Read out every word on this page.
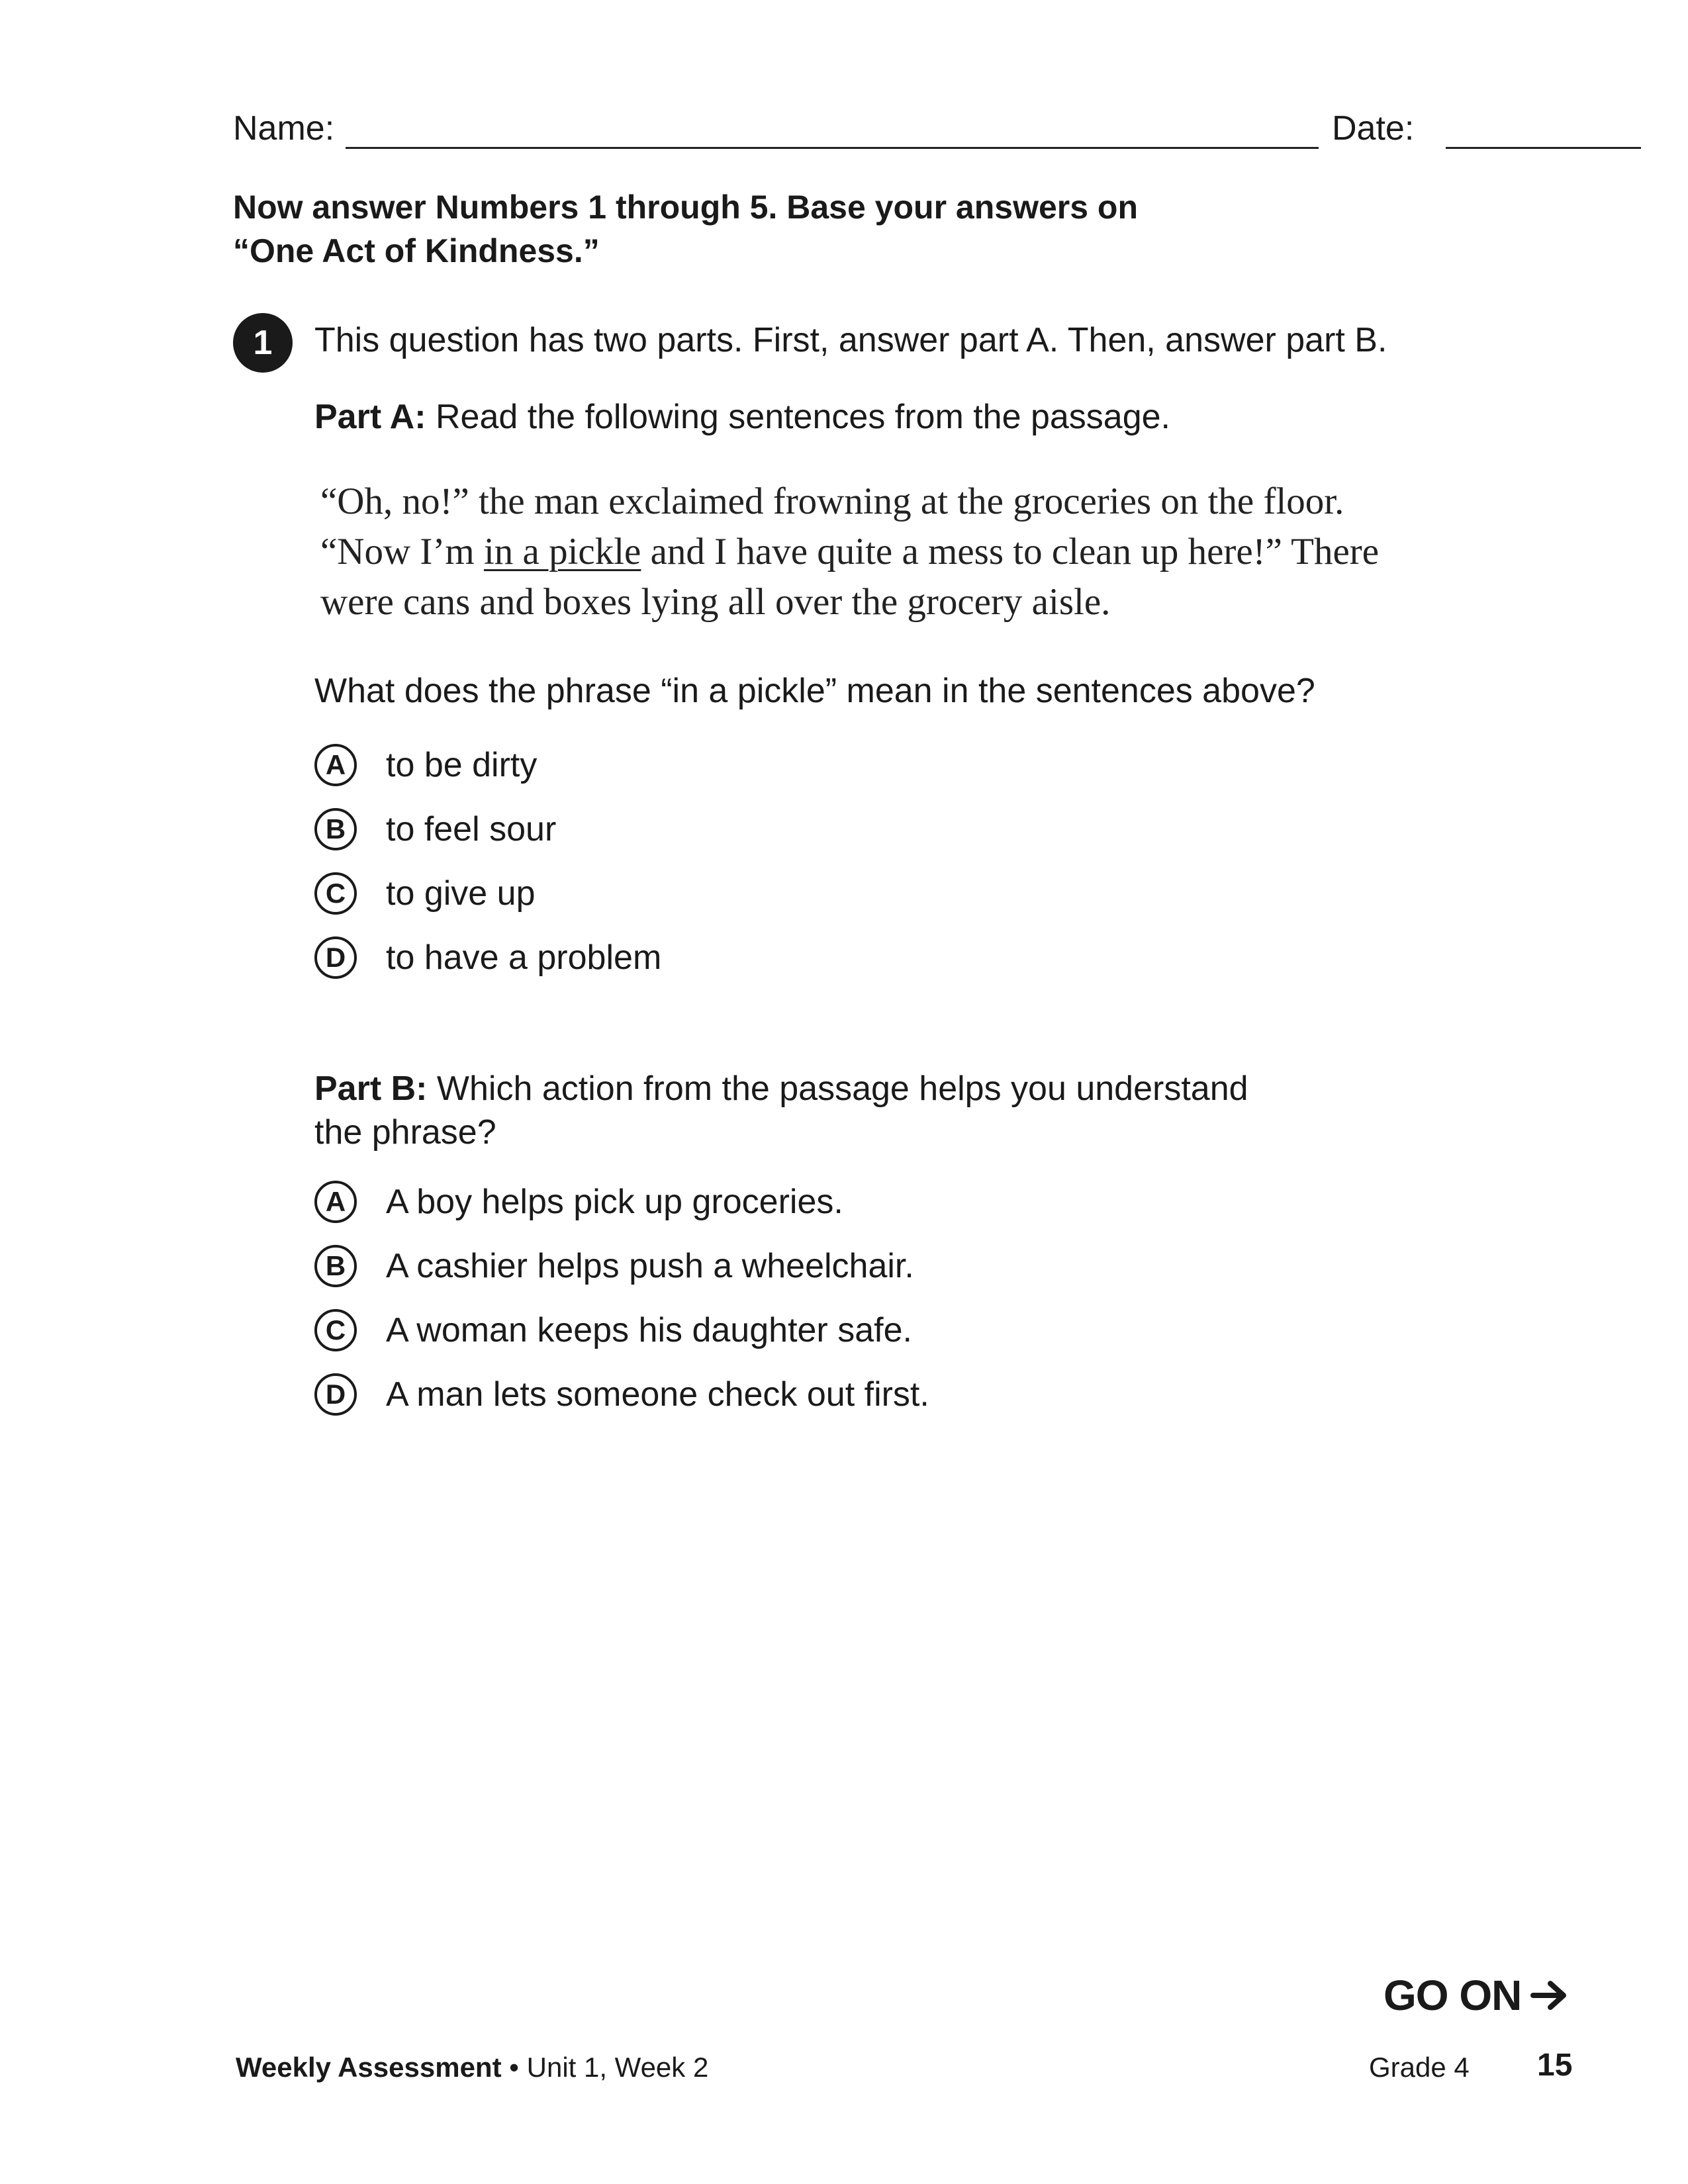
Name:	Date:
Now answer Numbers 1 through 5. Base your answers on
“One Act of Kindness.”
1	This question has two parts. First, answer part A. Then, answer part B.
Part A: Read the following sentences from the passage.
“Oh, no!” the man exclaimed frowning at the groceries on the floor.
“Now I’m in a pickle and I have quite a mess to clean up here!” There
were cans and boxes lying all over the grocery aisle.
What does the phrase “in a pickle” mean in the sentences above?
A	to be dirty
B	to feel sour
C	to give up
D	to have a problem
Part B: Which action from the passage helps you understand
the phrase?
A	A boy helps pick up groceries.
B	A cashier helps push a wheelchair.
C	A woman keeps his daughter safe.
D	A man lets someone check out first.
GO ON
Weekly Assessment • Unit 1, Week 2	Grade 4 15
